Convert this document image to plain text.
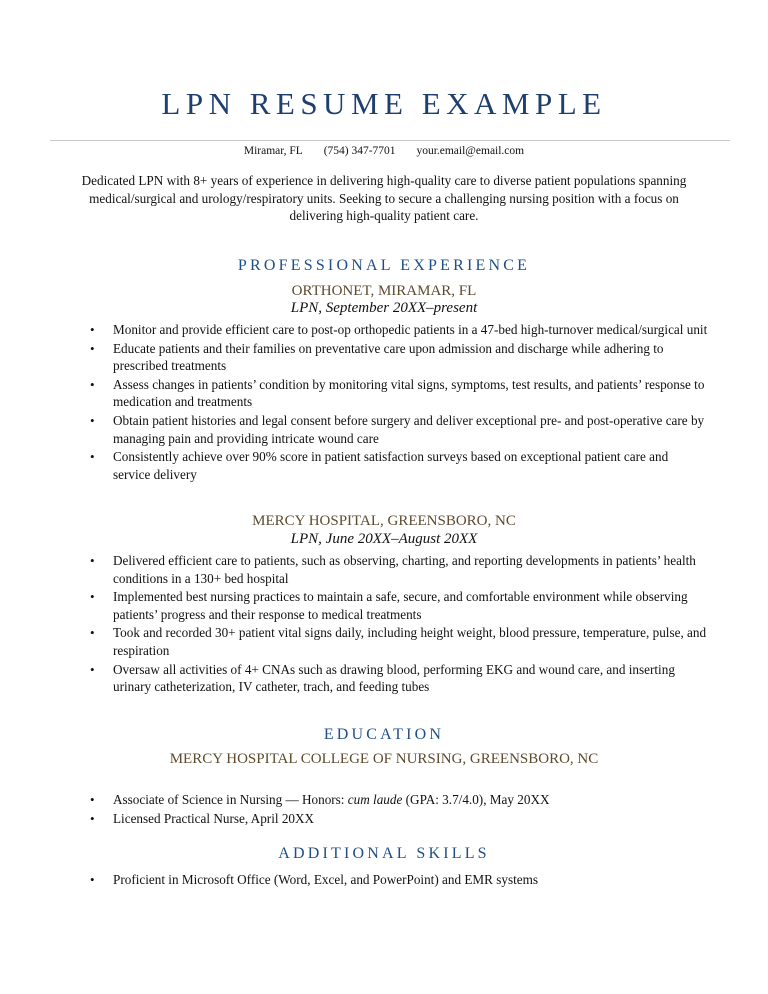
LPN RESUME EXAMPLE
Miramar, FL (754) 347-7701 your.email@email.com

Dedicated LPN with 8+ years of experience in delivering high-quality care to diverse patient populations spanning medical/surgical and urology/respiratory units. Seeking to secure a challenging nursing position with a focus on delivering high-quality patient care.

PROFESSIONAL EXPERIENCE
ORTHONET, MIRAMAR, FL
LPN, September 20XX–present
• Monitor and provide efficient care to post-op orthopedic patients in a 47-bed high-turnover medical/surgical unit
• Educate patients and their families on preventative care upon admission and discharge while adhering to prescribed treatments
• Assess changes in patients’ condition by monitoring vital signs, symptoms, test results, and patients’ response to medication and treatments
• Obtain patient histories and legal consent before surgery and deliver exceptional pre- and post-operative care by managing pain and providing intricate wound care
• Consistently achieve over 90% score in patient satisfaction surveys based on exceptional patient care and service delivery
MERCY HOSPITAL, GREENSBORO, NC
LPN, June 20XX–August 20XX
• Delivered efficient care to patients, such as observing, charting, and reporting developments in patients’ health conditions in a 130+ bed hospital
• Implemented best nursing practices to maintain a safe, secure, and comfortable environment while observing patients’ progress and their response to medical treatments
• Took and recorded 30+ patient vital signs daily, including height weight, blood pressure, temperature, pulse, and respiration
• Oversaw all activities of 4+ CNAs such as drawing blood, performing EKG and wound care, and inserting urinary catheterization, IV catheter, trach, and feeding tubes
EDUCATION
MERCY HOSPITAL COLLEGE OF NURSING, GREENSBORO, NC
• Associate of Science in Nursing — Honors: cum laude (GPA: 3.7/4.0), May 20XX
• Licensed Practical Nurse, April 20XX
ADDITIONAL SKILLS
• Proficient in Microsoft Office (Word, Excel, and PowerPoint) and EMR systems
